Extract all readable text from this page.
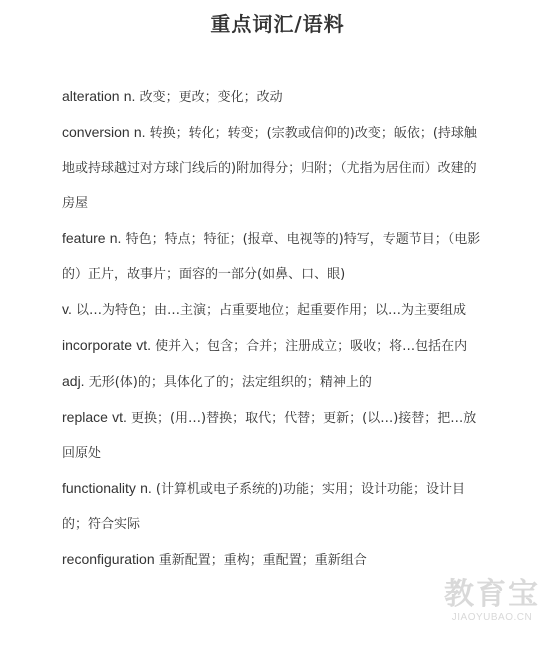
重点词汇/语料
alteration n. 改变；更改；变化；改动
conversion n. 转换；转化；转变；(宗教或信仰的)改变；皈依；(持球触地或持球越过对方球门线后的)附加得分；归附；（尤指为居住而）改建的房屋
feature n. 特色；特点；特征；(报章、电视等的)特写，专题节目；（电影的）正片，故事片；面容的一部分(如鼻、口、眼)
v. 以…为特色；由…主演；占重要地位；起重要作用；以…为主要组成
incorporate vt. 使并入；包含；合并；注册成立；吸收；将…包括在内
adj. 无形(体)的；具体化了的；法定组织的；精神上的
replace vt. 更换；(用…)替换；取代；代替；更新；(以…)接替；把…放回原处
functionality n. (计算机或电子系统的)功能；实用；设计功能；设计目的；符合实际
reconfiguration 重新配置；重构；重配置；重新组合
教育宝
JIAOYUBAO.CN
